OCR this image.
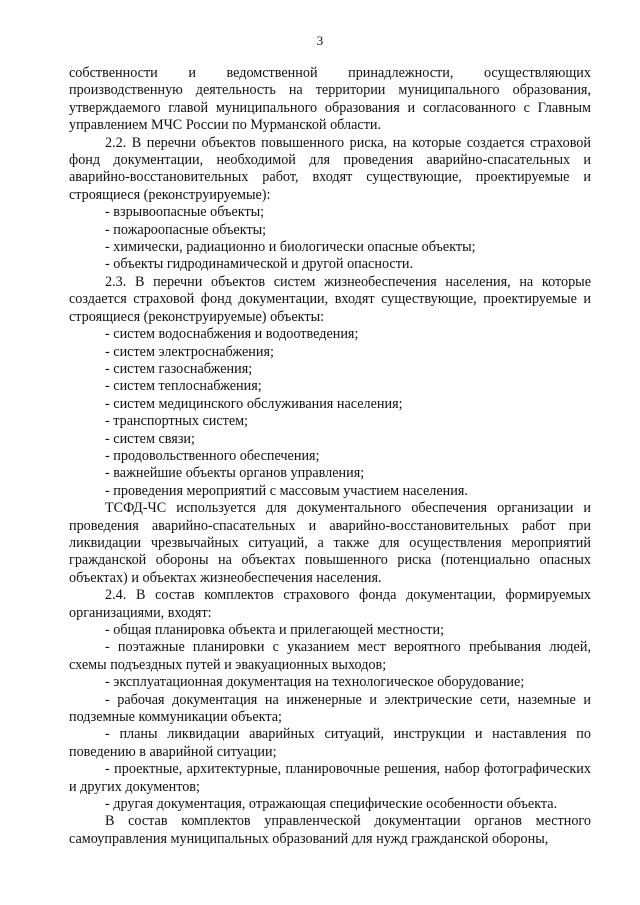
3

собственности и ведомственной принадлежности, осуществляющих производственную деятельность на территории муниципального образования, утверждаемого главой муниципального образования и согласованного с Главным управлением МЧС России по Мурманской области.

2.2. В перечни объектов повышенного риска, на которые создается страховой фонд документации, необходимой для проведения аварийно-спасательных и аварийно-восстановительных работ, входят существующие, проектируемые и строящиеся (реконструируемые):

- взрывоопасные объекты;

- пожароопасные объекты;

- химически, радиационно и биологически опасные объекты;

- объекты гидродинамической и другой опасности.

2.3. В перечни объектов систем жизнеобеспечения населения, на которые создается страховой фонд документации, входят существующие, проектируемые и строящиеся (реконструируемые) объекты:

- систем водоснабжения и водоотведения;

- систем электроснабжения;

- систем газоснабжения;

- систем теплоснабжения;

- систем медицинского обслуживания населения;

- транспортных систем;

- систем связи;

- продовольственного обеспечения;

- важнейшие объекты органов управления;

- проведения мероприятий с массовым участием населения.

ТСФД-ЧС используется для документального обеспечения организации и проведения аварийно-спасательных и аварийно-восстановительных работ при ликвидации чрезвычайных ситуаций, а также для осуществления мероприятий гражданской обороны на объектах повышенного риска (потенциально опасных объектах) и объектах жизнеобеспечения населения.

2.4. В состав комплектов страхового фонда документации, формируемых организациями, входят:

- общая планировка объекта и прилегающей местности;

- поэтажные планировки с указанием мест вероятного пребывания людей, схемы подъездных путей и эвакуационных выходов;

- эксплуатационная документация на технологическое оборудование;

- рабочая документация на инженерные и электрические сети, наземные и подземные коммуникации объекта;

- планы ликвидации аварийных ситуаций, инструкции и наставления по поведению в аварийной ситуации;

- проектные, архитектурные, планировочные решения, набор фотографических и других документов;

- другая документация, отражающая специфические особенности объекта.

В состав комплектов управленческой документации органов местного самоуправления муниципальных образований для нужд гражданской обороны,
